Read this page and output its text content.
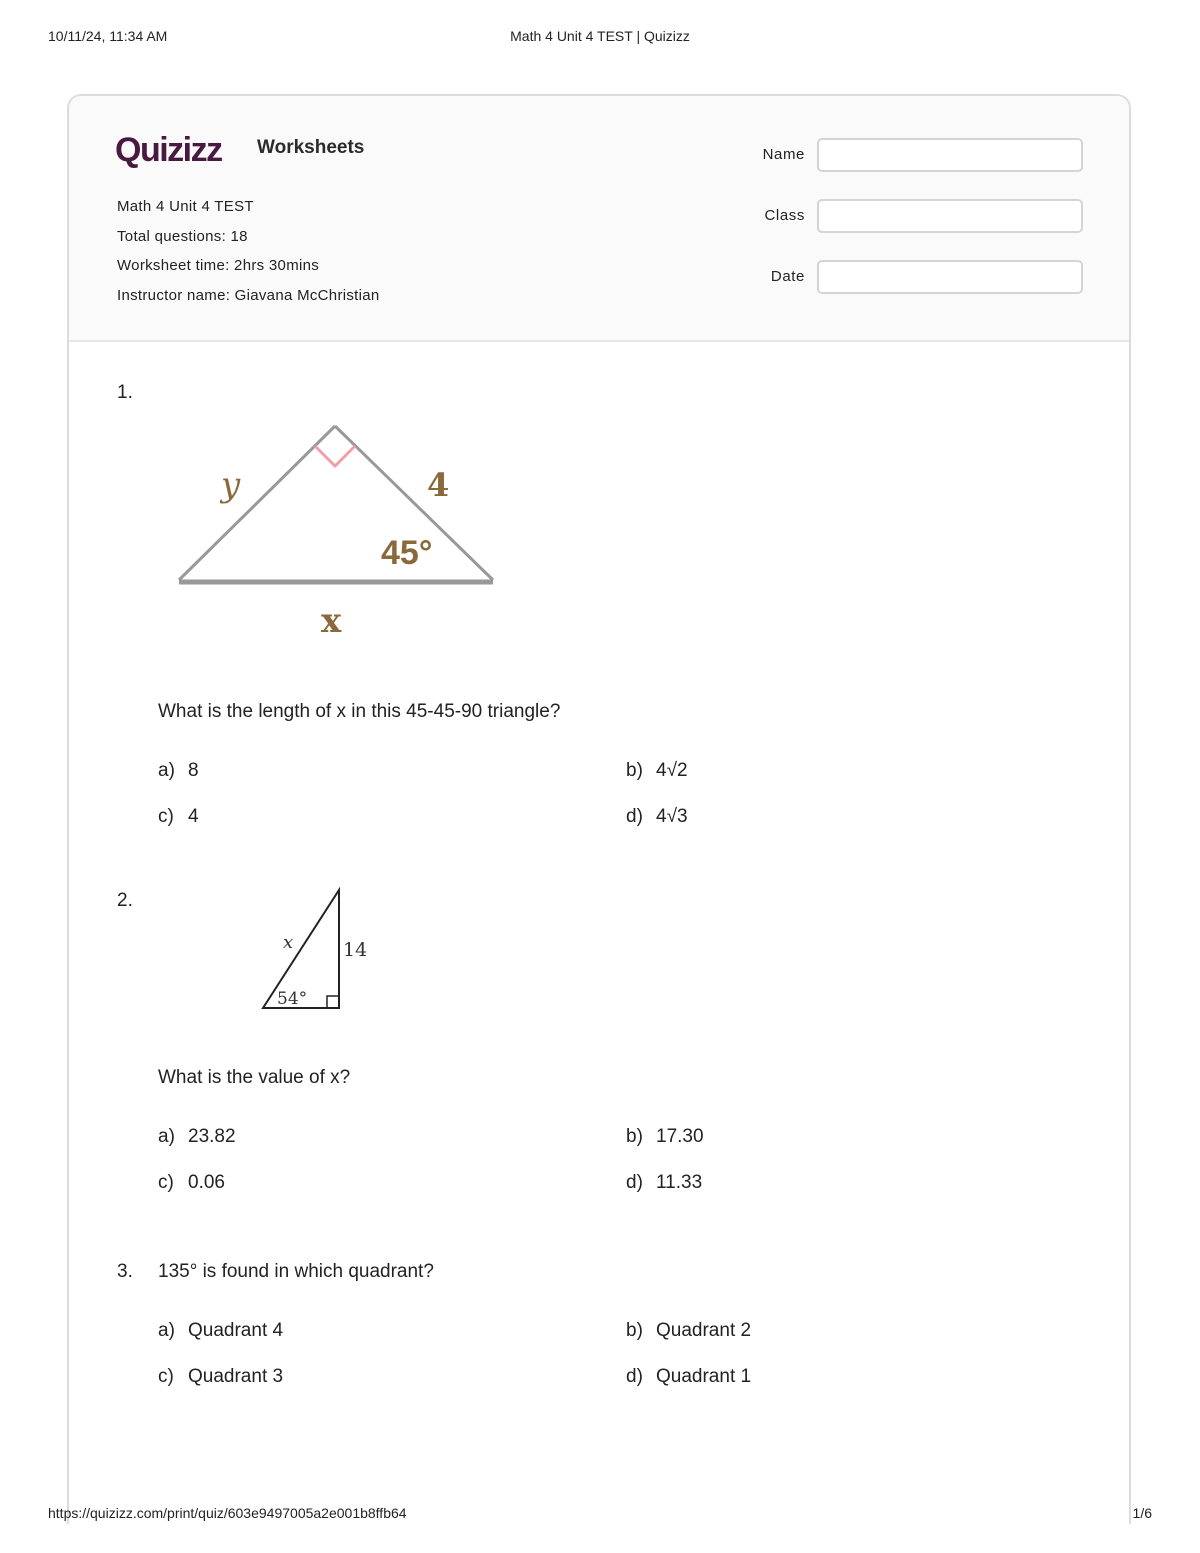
10/11/24, 11:34 AM	Math 4 Unit 4 TEST | Quizizz
Quizizz Worksheets
Math 4 Unit 4 TEST
Total questions: 18
Worksheet time: 2hrs 30mins
Instructor name: Giavana McChristian
Name
Class
Date
1.
y	4
45°
x
What is the length of x in this 45-45-90 triangle?
a) 8	b) 4√2
c) 4	d) 4√3
2.
x	14
54°
What is the value of x?
a) 23.82	b) 17.30
c) 0.06	d) 11.33
3. 135° is found in which quadrant?
a) Quadrant 4	b) Quadrant 2
c) Quadrant 3	d) Quadrant 1
https://quizizz.com/print/quiz/603e9497005a2e001b8ffb64	1/6
